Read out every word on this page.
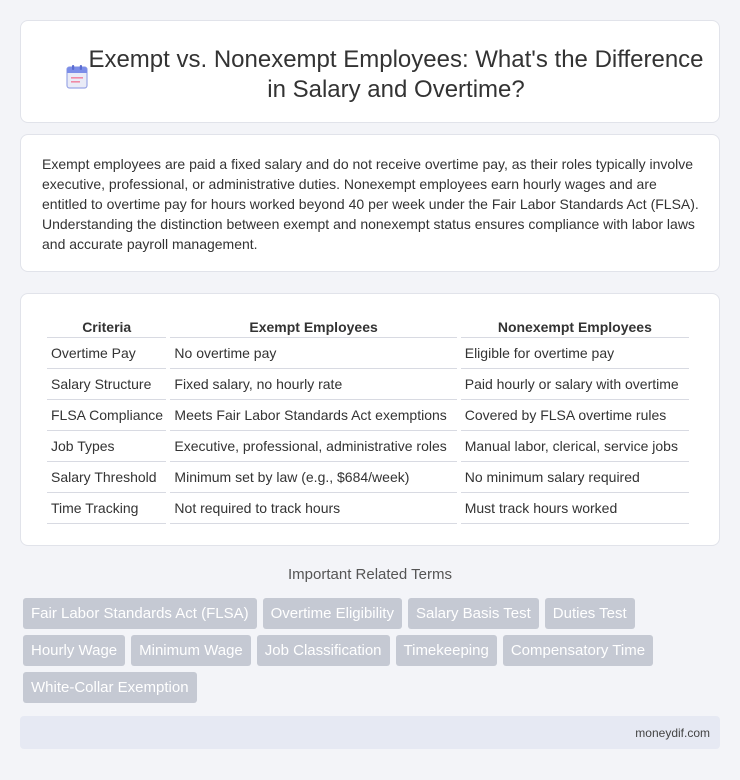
Exempt vs. Nonexempt Employees: What's the Difference in Salary and Overtime?

Exempt employees are paid a fixed salary and do not receive overtime pay, as their roles typically involve executive, professional, or administrative duties. Nonexempt employees earn hourly wages and are entitled to overtime pay for hours worked beyond 40 per week under the Fair Labor Standards Act (FLSA). Understanding the distinction between exempt and nonexempt status ensures compliance with labor laws and accurate payroll management.

Criteria	Exempt Employees	Nonexempt Employees
Overtime Pay	No overtime pay	Eligible for overtime pay
Salary Structure	Fixed salary, no hourly rate	Paid hourly or salary with overtime
FLSA Compliance	Meets Fair Labor Standards Act exemptions	Covered by FLSA overtime rules
Job Types	Executive, professional, administrative roles	Manual labor, clerical, service jobs
Salary Threshold	Minimum set by law (e.g., $684/week)	No minimum salary required
Time Tracking	Not required to track hours	Must track hours worked
Important Related Terms
Fair Labor Standards Act (FLSA)	Overtime Eligibility	Salary Basis Test	Duties Test
Hourly Wage	Minimum Wage	Job Classification	Timekeeping	Compensatory Time
White-Collar Exemption
moneydif.com
